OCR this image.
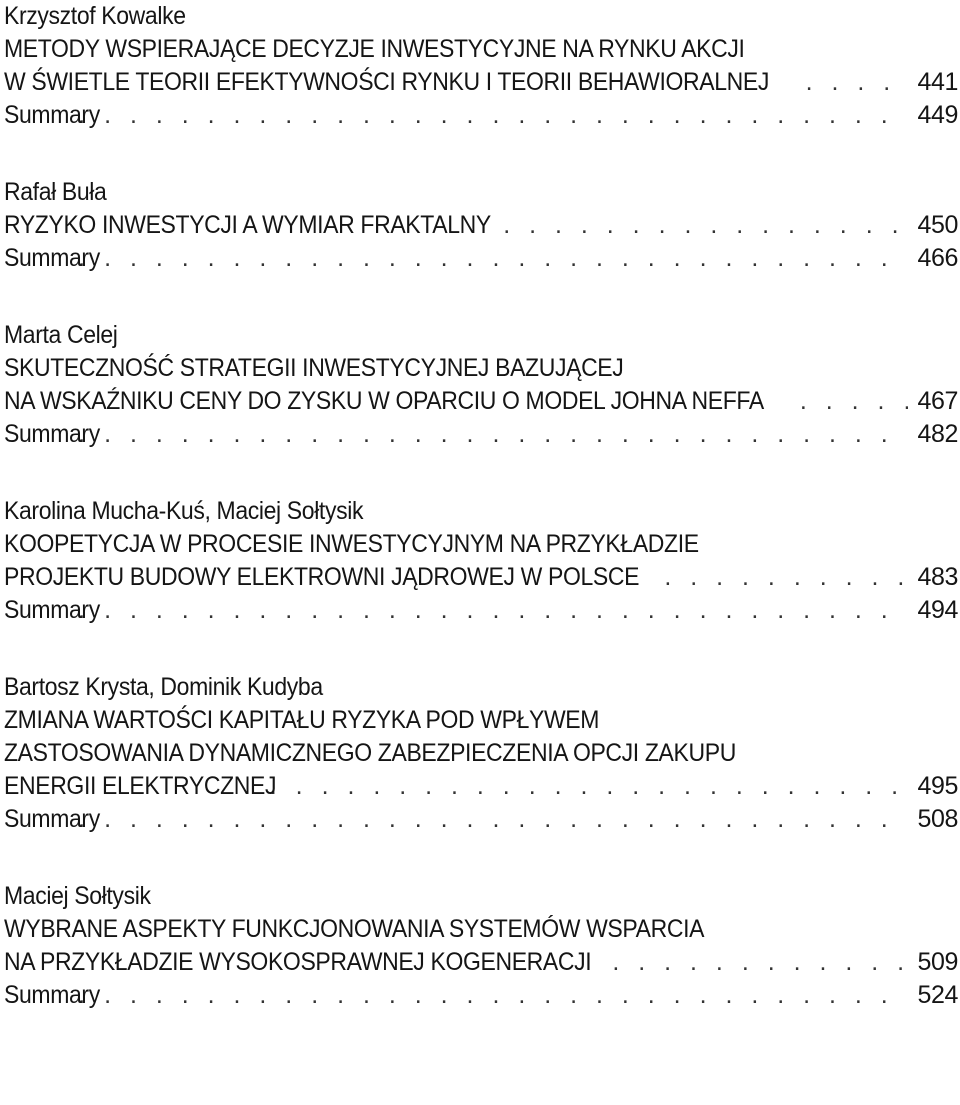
Krzysztof Kowalke
METODY WSPIERAJĄCE DECYZJE INWESTYCYJNE NA RYNKU AKCJI
W ŚWIETLE TEORII EFEKTYWNOŚCI RYNKU I TEORII BEHAWIORALNEJ . . .	441
Summary . . .	449
Rafał Buła
RYZYKO INWESTYCJI A WYMIAR FRAKTALNY . . .	450
Summary . . .	466
Marta Celej
SKUTECZNOŚĆ STRATEGII INWESTYCYJNEJ BAZUJĄCEJ
NA WSKAŹNIKU CENY DO ZYSKU W OPARCIU O MODEL JOHNA NEFFA . . .	467
Summary . . .	482
Karolina Mucha-Kuś, Maciej Sołtysik
KOOPETYCJA W PROCESIE INWESTYCYJNYM NA PRZYKŁADZIE
PROJEKTU BUDOWY ELEKTROWNI JĄDROWEJ W POLSCE . . .	483
Summary . . .	494
Bartosz Krysta, Dominik Kudyba
ZMIANA WARTOŚCI KAPITAŁU RYZYKA POD WPŁYWEM
ZASTOSOWANIA DYNAMICZNEGO ZABEZPIECZENIA OPCJI ZAKUPU
ENERGII ELEKTRYCZNEJ . . .	495
Summary . . .	508
Maciej Sołtysik
WYBRANE ASPEKTY FUNKCJONOWANIA SYSTEMÓW WSPARCIA
NA PRZYKŁADZIE WYSOKOSPRAWNEJ KOGENERACJI . . .	509
Summary . . .	524
